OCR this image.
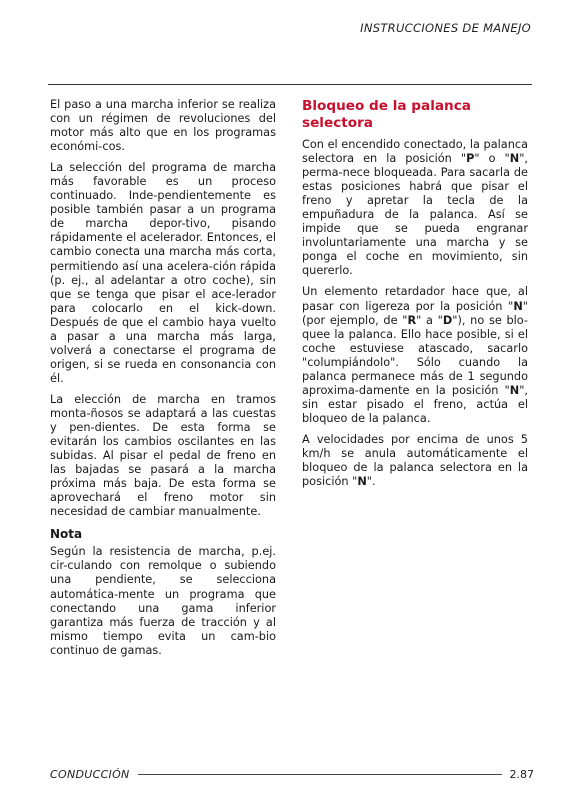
INSTRUCCIONES DE MANEJO

El paso a una marcha inferior se realiza con un régimen de revoluciones del motor más alto que en los programas económi-cos.

La selección del programa de marcha más favorable es un proceso continuado. Inde-pendientemente es posible también pasar a un programa de marcha depor-tivo, pisando rápidamente el acelerador. Entonces, el cambio conecta una marcha más corta, permitiendo así una acelera-ción rápida (p. ej., al adelantar a otro coche), sin que se tenga que pisar el ace-lerador para colocarlo en el kick-down. Después de que el cambio haya vuelto a pasar a una marcha más larga, volverá a conectarse el programa de origen, si se rueda en consonancia con él.

La elección de marcha en tramos monta-ñosos se adaptará a las cuestas y pen-dientes. De esta forma se evitarán los cambios oscilantes en las subidas. Al pisar el pedal de freno en las bajadas se pasará a la marcha próxima más baja. De esta forma se aprovechará el freno motor sin necesidad de cambiar manualmente.

Nota

Según la resistencia de marcha, p.ej. cir-culando con remolque o subiendo una pendiente, se selecciona automática-mente un programa que conectando una gama inferior garantiza más fuerza de tracción y al mismo tiempo evita un cam-bio continuo de gamas.

Bloqueo de la palanca selectora

Con el encendido conectado, la palanca selectora en la posición "P" o "N", perma-nece bloqueada. Para sacarla de estas posiciones habrá que pisar el freno y apretar la tecla de la empuñadura de la palanca. Así se impide que se pueda engranar involuntariamente una marcha y se ponga el coche en movimiento, sin quererlo.

Un elemento retardador hace que, al pasar con ligereza por la posición "N" (por ejemplo, de "R" a "D"), no se blo-quee la palanca. Ello hace posible, si el coche estuviese atascado, sacarlo "columpiándolo". Sólo cuando la palanca permanece más de 1 segundo aproxima-damente en la posición "N", sin estar pisado el freno, actúa el bloqueo de la palanca.

A velocidades por encima de unos 5 km/h se anula automáticamente el bloqueo de la palanca selectora en la posición "N".

CONDUCCIÓN	2.87
